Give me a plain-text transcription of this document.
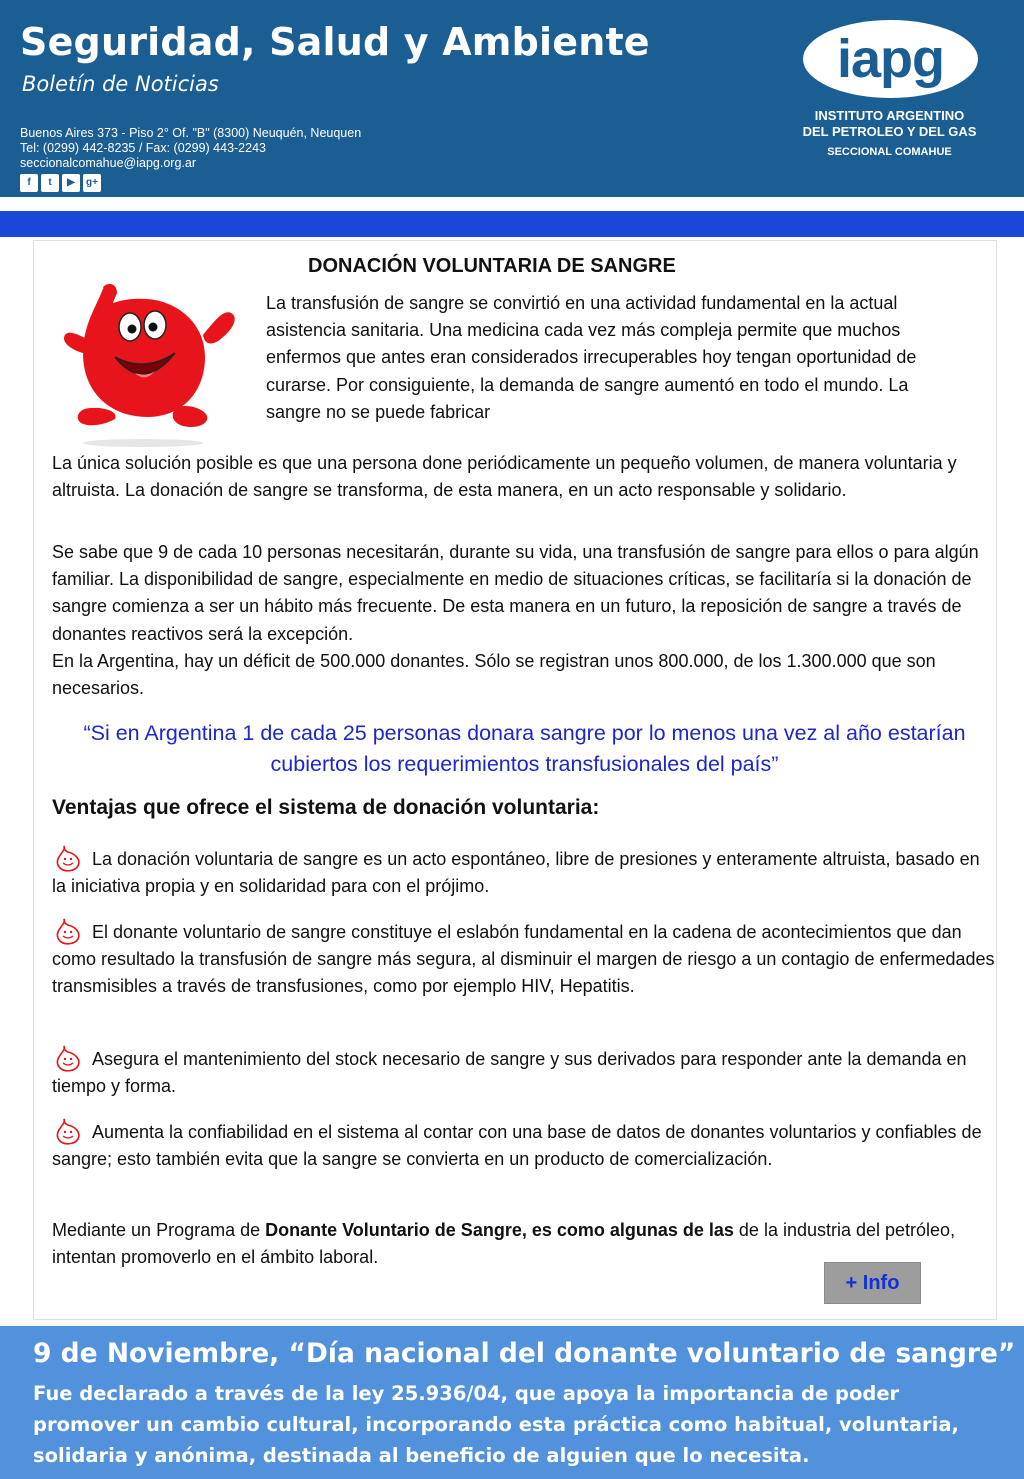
Seguridad, Salud y Ambiente
Boletín de Noticias
Buenos Aires 373 - Piso 2° Of. "B" (8300) Neuquén, Neuquen
Tel: (0299) 442-8235 / Fax: (0299) 443-2243
seccionalcomahue@iapg.org.ar
f	t	▶	g+
iapg
INSTITUTO ARGENTINO
DEL PETROLEO Y DEL GAS
SECCIONAL COMAHUE
DONACIÓN VOLUNTARIA DE SANGRE

La transfusión de sangre se convirtió en una actividad fundamental en la actual asistencia sanitaria. Una medicina cada vez más compleja permite que muchos enfermos que antes eran considerados irrecuperables hoy tengan oportunidad de curarse. Por consiguiente, la demanda de sangre aumentó en todo el mundo. La sangre no se puede fabricar

La única solución posible es que una persona done periódicamente un pequeño volumen, de manera voluntaria y altruista. La donación de sangre se transforma, de esta manera, en un acto responsable y solidario.

Se sabe que 9 de cada 10 personas necesitarán, durante su vida, una transfusión de sangre para ellos o para algún familiar. La disponibilidad de sangre, especialmente en medio de situaciones críticas, se facilitaría si la donación de sangre comienza a ser un hábito más frecuente. De esta manera en un futuro, la reposición de sangre a través de donantes reactivos será la excepción.

En la Argentina, hay un déficit de 500.000 donantes. Sólo se registran unos 800.000, de los 1.300.000 que son necesarios.

“Si en Argentina 1 de cada 25 personas donara sangre por lo menos una vez al año estarían cubiertos los requerimientos transfusionales del país”
Ventajas que ofrece el sistema de donación voluntaria:

La donación voluntaria de sangre es un acto espontáneo, libre de presiones y enteramente altruista, basado en la iniciativa propia y en solidaridad para con el prójimo.

El donante voluntario de sangre constituye el eslabón fundamental en la cadena de acontecimientos que dan como resultado la transfusión de sangre más segura, al disminuir el margen de riesgo a un contagio de enfermedades transmisibles a través de transfusiones, como por ejemplo HIV, Hepatitis.

Asegura el mantenimiento del stock necesario de sangre y sus derivados para responder ante la demanda en tiempo y forma.

Aumenta la confiabilidad en el sistema al contar con una base de datos de donantes voluntarios y confiables de sangre; esto también evita que la sangre se convierta en un producto de comercialización.

Mediante un Programa de Donante Voluntario de Sangre, es como algunas de las de la industria del petróleo, intentan promoverlo en el ámbito laboral.

+ Info
9 de Noviembre, “Día nacional del donante voluntario de sangre”
Fue declarado a través de la ley 25.936/04, que apoya la importancia de poder promover un cambio cultural, incorporando esta práctica como habitual, voluntaria, solidaria y anónima, destinada al beneficio de alguien que lo necesita.
